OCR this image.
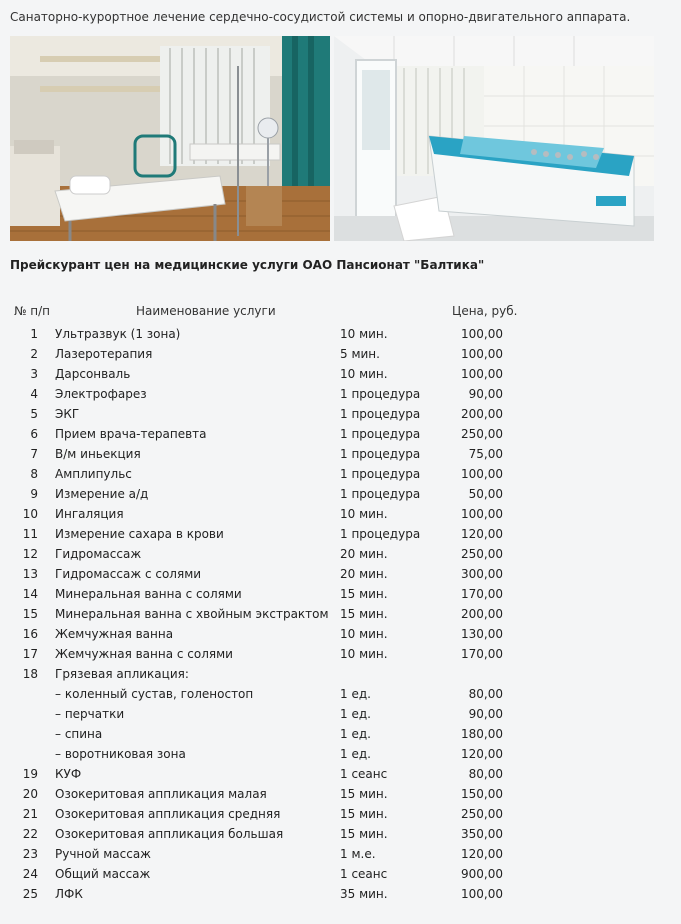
Санаторно-курортное лечение сердечно-сосудистой системы и опорно-двигательного аппарата.
Прейскурант цен на медицинские услуги ОАО Пансионат "Балтика"
№ п/п	Наименование услуги	Цена, руб.
1 Ультразвук (1 зона)	10 мин.	100,00
2 Лазеротерапия	5 мин.	100,00
3 Дарсонваль	10 мин.	100,00
4 Электрофарез	1 процедура	90,00
5 ЭКГ	1 процедура	200,00
6 Прием врача-терапевта	1 процедура	250,00
7 В/м иньекция	1 процедура	75,00
8 Амплипульс	1 процедура	100,00
9 Измерение а/д	1 процедура	50,00
10 Ингаляция	10 мин.	100,00
11 Измерение сахара в крови	1 процедура	120,00
12 Гидромассаж	20 мин.	250,00
13 Гидромассаж с солями	20 мин.	300,00
14 Минеральная ванна с солями	15 мин.	170,00
15 Минеральная ванна с хвойным экстрактом 15 мин.	200,00
16 Жемчужная ванна	10 мин.	130,00
17 Жемчужная ванна с солями	10 мин.	170,00
18 Грязевая апликация:
– коленный сустав, голеностоп	1 ед.	80,00
– перчатки	1 ед.	90,00
– спина	1 ед.	180,00
– воротниковая зона	1 ед.	120,00
19 КУФ	1 сеанс	80,00
20 Озокеритовая аппликация малая	15 мин.	150,00
21 Озокеритовая аппликация средняя	15 мин.	250,00
22 Озокеритовая аппликация большая	15 мин.	350,00
23 Ручной массаж	1 м.е.	120,00
24 Общий массаж	1 сеанс	900,00
25 ЛФК	35 мин.	100,00
